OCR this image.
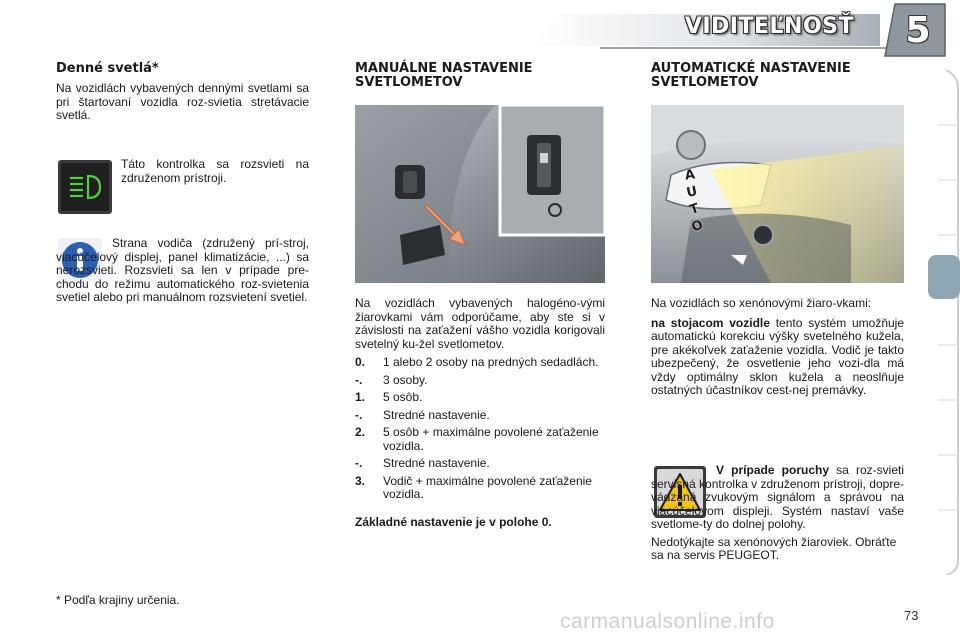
VIDITEĽNOSŤ 5
Denné svetlá*

Na vozidlách vybavených dennými svetlami sa pri štartovaní vozidla roz-svietia stretávacie svetlá.

Táto kontrolka sa rozsvieti na združenom prístroji.

Strana vodiča (združený prí-stroj, viacúčelový displej, panel klimatizácie, ...) sa nerozsvieti. Rozsvieti sa len v prípade pre-chodu do režimu automatického roz-svietenia svetiel alebo pri manuálnom rozsvietení svetiel.

MANUÁLNE NASTAVENIE
SVETLOMETOV

Na vozidlách vybavených halogéno-vými žiarovkami vám odporúčame, aby ste si v závislosti na zaťažení vášho vozidla korigovali svetelný ku-žel svetlometov.

0.	1 alebo 2 osoby na predných sedadlách.
-.	3 osoby.
1.	5 osôb.
-.	Stredné nastavenie.
2.	5 osôb + maximálne povolené zaťaženie vozidla.
-.	Stredné nastavenie.
3.	Vodič + maximálne povolené zaťaženie vozidla.

Základné nastavenie je v polohe 0.

AUTOMATICKÉ NASTAVENIE
SVETLOMETOV
A
U
T
O

Na vozidlách so xenónovými žiaro-vkami:

na stojacom vozidle tento systém umožňuje automatickú korekciu výšky svetelného kužela, pre akékoľvek zaťaženie vozidla. Vodič je takto ubezpečený, že osvetlenie jeho vozi-dla má vždy optimálny sklon kužela a neoslňuje ostatných účastníkov cest-nej premávky.

V prípade poruchy sa roz-svieti servisná kontrolka v združenom prístroji, dopre-vádzaná zvukovým signálom a správou na viacúčelovom displeji. Systém nastaví vaše svetlome-ty do dolnej polohy.

Nedotýkajte sa xenónových žiaroviek. Obráťte sa na servis PEUGEOT.

* Podľa krajiny určenia.
carmanualsonline.info	73
